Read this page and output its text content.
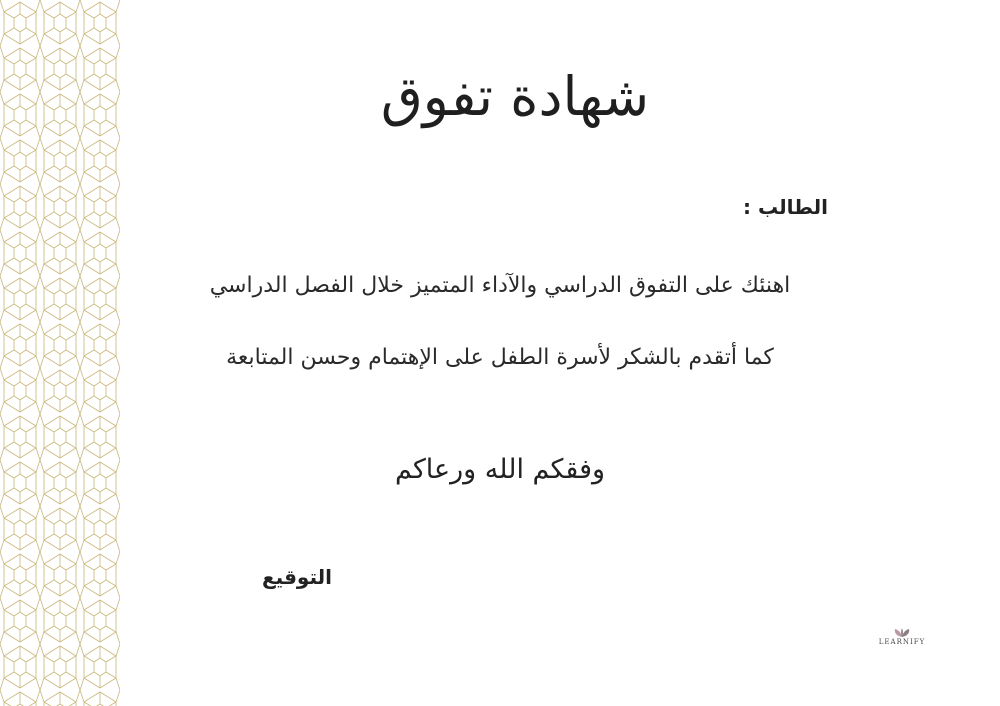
شهادة تفوق
الطالب :
اهنئك على التفوق الدراسي والآداء المتميز خلال الفصل الدراسي
كما أتقدم بالشكر لأسرة الطفل على الإهتمام وحسن المتابعة
وفقكم الله ورعاكم
التوقيع
LEARNIFY
